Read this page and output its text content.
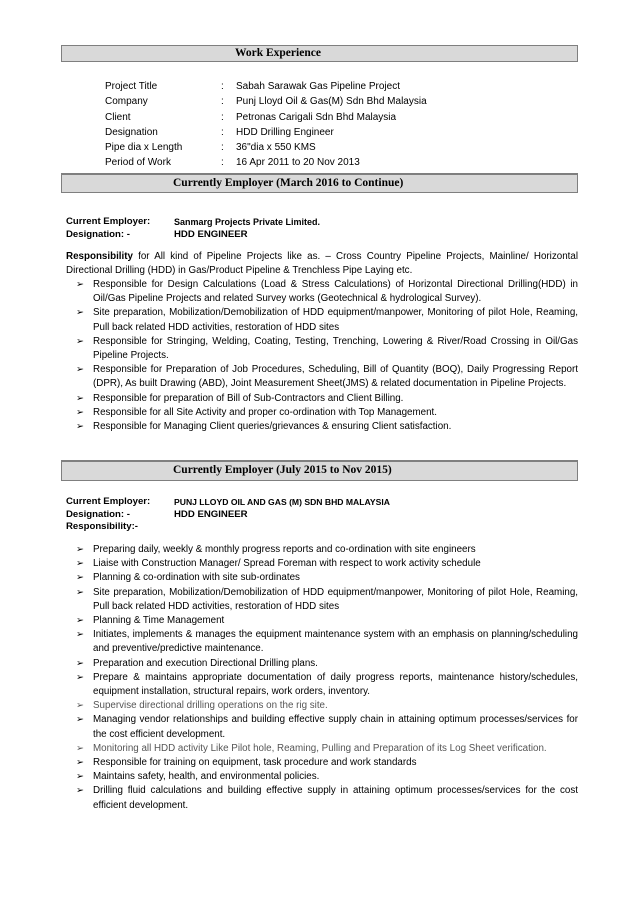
Work Experience
Project Title	:	Sabah Sarawak Gas Pipeline Project
Company	:	Punj Lloyd Oil & Gas(M) Sdn Bhd Malaysia
Client	:	Petronas Carigali Sdn Bhd Malaysia
Designation	:	HDD Drilling Engineer
Pipe dia x Length	:	36"dia x 550 KMS
Period of Work	:	16 Apr 2011 to 20 Nov 2013
Currently Employer (March 2016 to Continue)
Current Employer:	Sanmarg Projects Private Limited.
Designation: -	HDD ENGINEER
Responsibility for All kind of Pipeline Projects like as. – Cross Country Pipeline Projects, Mainline/ Horizontal Directional Drilling (HDD) in Gas/Product Pipeline & Trenchless Pipe Laying etc.
➢ Responsible for Design Calculations (Load & Stress Calculations) of Horizontal Directional Drilling(HDD) in Oil/Gas Pipeline Projects and related Survey works (Geotechnical & hydrological Survey).
➢ Site preparation, Mobilization/Demobilization of HDD equipment/manpower, Monitoring of pilot Hole, Reaming, Pull back related HDD activities, restoration of HDD sites
➢ Responsible for Stringing, Welding, Coating, Testing, Trenching, Lowering & River/Road Crossing in Oil/Gas Pipeline Projects.
➢ Responsible for Preparation of Job Procedures, Scheduling, Bill of Quantity (BOQ), Daily Progressing Report (DPR), As built Drawing (ABD), Joint Measurement Sheet(JMS) & related documentation in Pipeline Projects.
➢ Responsible for preparation of Bill of Sub-Contractors and Client Billing.
➢ Responsible for all Site Activity and proper co-ordination with Top Management.
➢ Responsible for Managing Client queries/grievances & ensuring Client satisfaction.
Currently Employer (July 2015 to Nov 2015)
Current Employer:	PUNJ LLOYD OIL AND GAS (M) SDN BHD MALAYSIA
Designation: -	HDD ENGINEER
Responsibility:-
➢ Preparing daily, weekly & monthly progress reports and co-ordination with site engineers
➢ Liaise with Construction Manager/ Spread Foreman with respect to work activity schedule
➢ Planning & co-ordination with site sub-ordinates
➢ Site preparation, Mobilization/Demobilization of HDD equipment/manpower, Monitoring of pilot Hole, Reaming, Pull back related HDD activities, restoration of HDD sites
➢ Planning & Time Management
➢ Initiates, implements & manages the equipment maintenance system with an emphasis on planning/scheduling and preventive/predictive maintenance.
➢ Preparation and execution Directional Drilling plans.
➢ Prepare & maintains appropriate documentation of daily progress reports, maintenance history/schedules, equipment installation, structural repairs, work orders, inventory.
➢ Supervise directional drilling operations on the rig site.
➢ Managing vendor relationships and building effective supply chain in attaining optimum processes/services for the cost efficient development.
➢ Monitoring all HDD activity Like Pilot hole, Reaming, Pulling and Preparation of its Log Sheet verification.
➢ Responsible for training on equipment, task procedure and work standards
➢ Maintains safety, health, and environmental policies.
➢ Drilling fluid calculations and building effective supply in attaining optimum processes/services for the cost efficient development.
